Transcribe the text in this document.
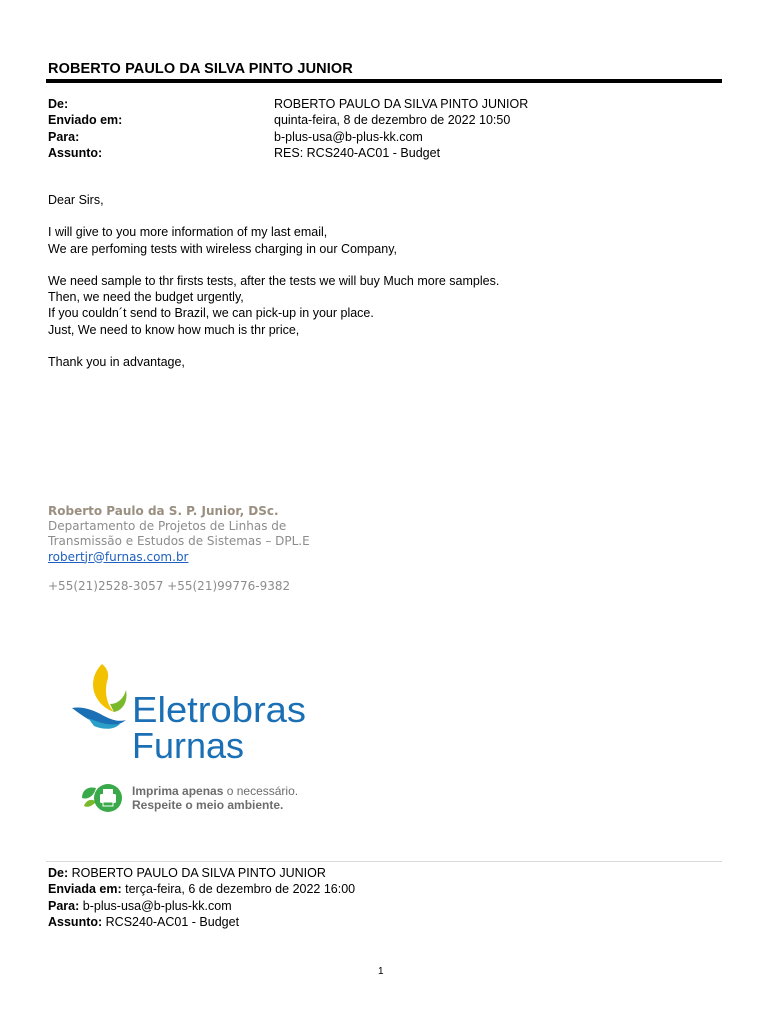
ROBERTO PAULO DA SILVA PINTO JUNIOR
De:	ROBERTO PAULO DA SILVA PINTO JUNIOR
Enviado em:	quinta-feira, 8 de dezembro de 2022 10:50
Para:	b-plus-usa@b-plus-kk.com
Assunto:	RES: RCS240-AC01 - Budget

Dear Sirs,

I will give to you more information of my last email,

We are perfoming tests with wireless charging in our Company,

We need sample to thr firsts tests, after the tests we will buy Much more samples.

Then, we need the budget urgently,

If you couldn´t send to Brazil, we can pick-up in your place.

Just, We need to know how much is thr price,

Thank you in advantage,

Roberto Paulo da S. P. Junior, DSc.
Departamento de Projetos de Linhas de
Transmissão e Estudos de Sistemas – DPL.E
robertjr@furnas.com.br
+55(21)2528-3057 +55(21)99776-9382
Eletrobras
Furnas
Imprima apenas o necessário.
Respeite o meio ambiente.
De: ROBERTO PAULO DA SILVA PINTO JUNIOR
Enviada em: terça-feira, 6 de dezembro de 2022 16:00
Para: b-plus-usa@b-plus-kk.com
Assunto: RCS240-AC01 - Budget
1
